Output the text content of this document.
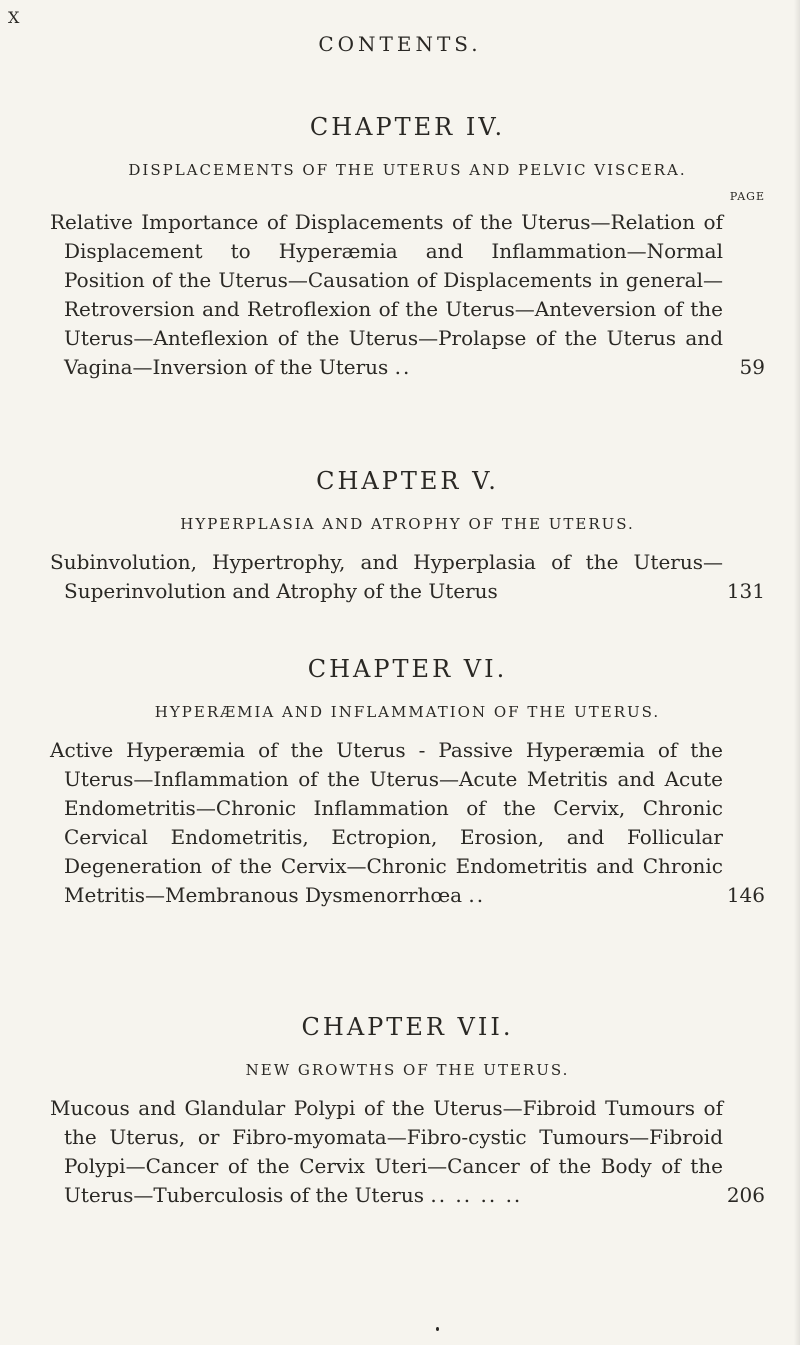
X
CONTENTS.
CHAPTER IV.
DISPLACEMENTS OF THE UTERUS AND PELVIC VISCERA.
PAGE
Relative Importance of Displacements of the Uterus—Relation of Displacement to Hyperæmia and Inflammation—Normal Position of the Uterus—Causation of Displacements in general—Retroversion and Retroflexion of the Uterus—Anteversion of the Uterus—Anteflexion of the Uterus—Prolapse of the Uterus and Vagina—Inversion of the Uterus ..	59
CHAPTER V.
HYPERPLASIA AND ATROPHY OF THE UTERUS.
Subinvolution, Hypertrophy, and Hyperplasia of the Uterus—Superinvolution and Atrophy of the Uterus	131
CHAPTER VI.
HYPERÆMIA AND INFLAMMATION OF THE UTERUS.
Active Hyperæmia of the Uterus - Passive Hyperæmia of the Uterus—Inflammation of the Uterus—Acute Metritis and Acute Endometritis—Chronic Inflammation of the Cervix, Chronic Cervical Endometritis, Ectropion, Erosion, and Follicular Degeneration of the Cervix—Chronic Endometritis and Chronic Metritis—Membranous Dysmenorrhœa ..	146
CHAPTER VII.
NEW GROWTHS OF THE UTERUS.
Mucous and Glandular Polypi of the Uterus—Fibroid Tumours of the Uterus, or Fibro-myomata—Fibro-cystic Tumours—Fibroid Polypi—Cancer of the Cervix Uteri—Cancer of the Body of the Uterus—Tuberculosis of the Uterus .. .. .. ..	206
